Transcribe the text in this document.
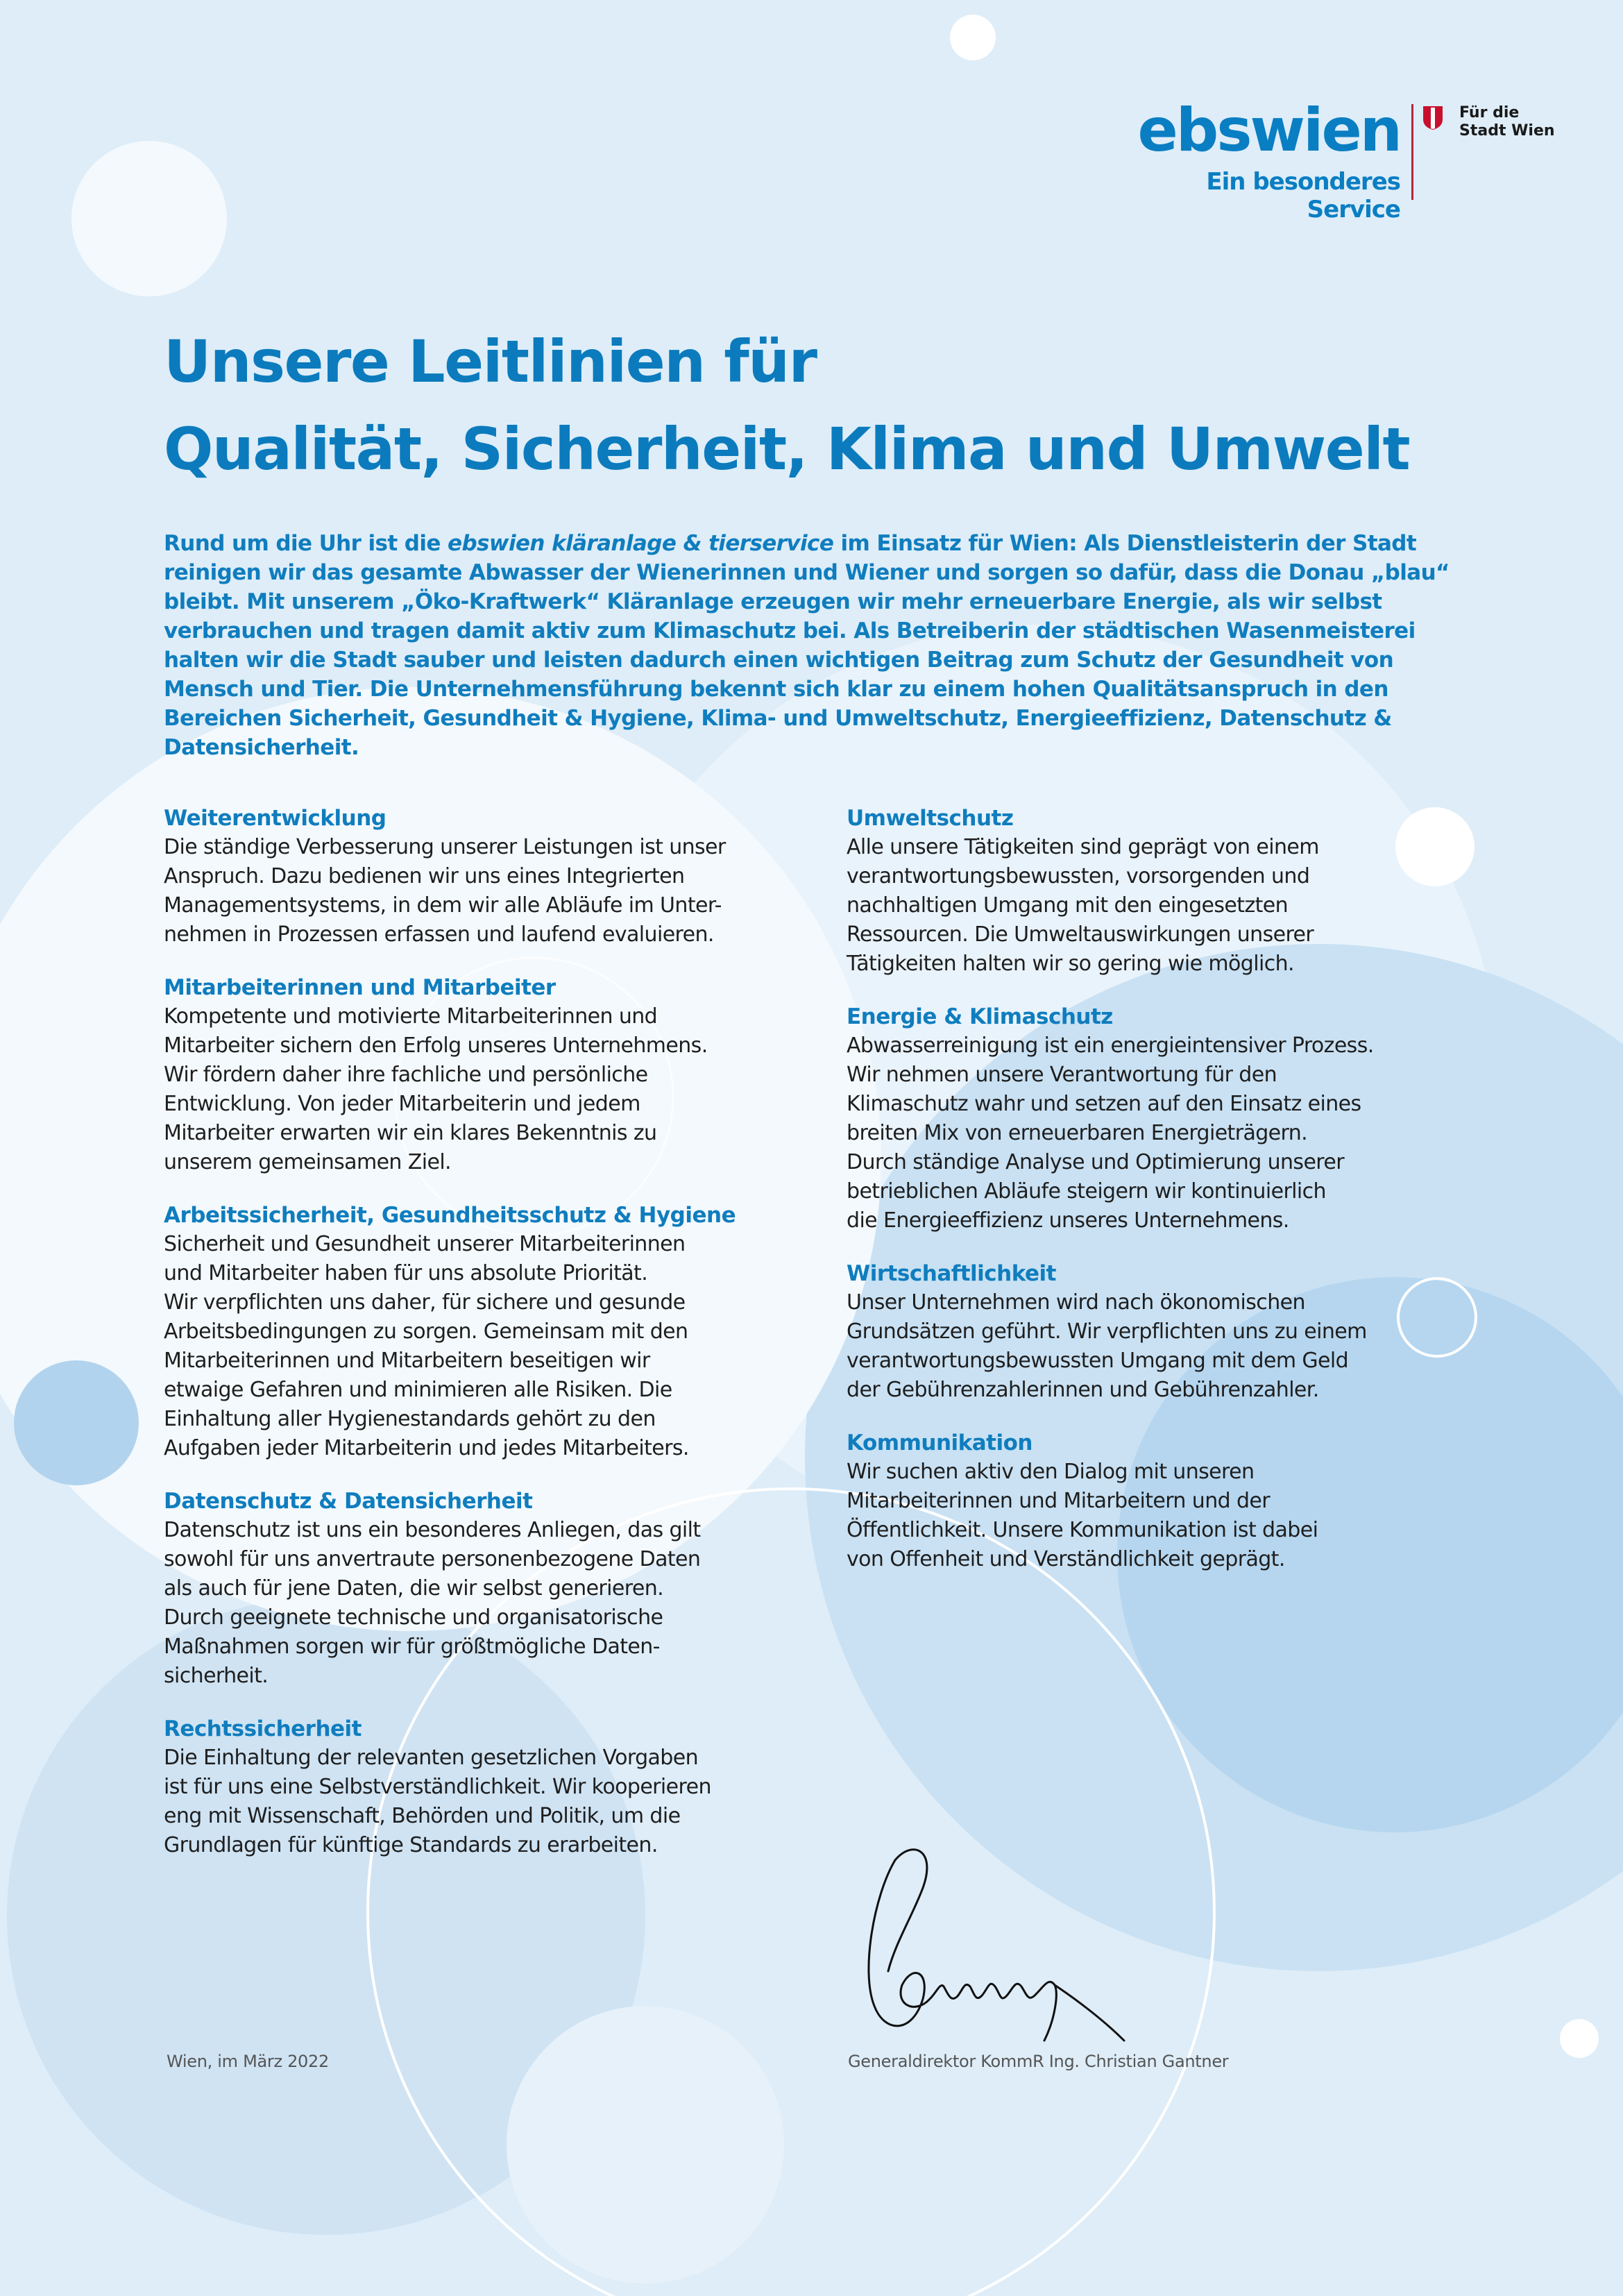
ebswien
Ein besonderes Service
Für die
Stadt Wien
Unsere Leitlinien für
Qualität, Sicherheit, Klima und Umwelt

Rund um die Uhr ist die ebswien kläranlage & tierservice im Einsatz für Wien: Als Dienstleisterin der Stadt reinigen wir das gesamte Abwasser der Wienerinnen und Wiener und sorgen so dafür, dass die Donau „blau“ bleibt. Mit unserem „Öko-Kraftwerk“ Kläranlage erzeugen wir mehr erneuerbare Energie, als wir selbst verbrauchen und tragen damit aktiv zum Klimaschutz bei. Als Betreiberin der städtischen Wasenmeisterei halten wir die Stadt sauber und leisten dadurch einen wichtigen Beitrag zum Schutz der Gesundheit von Mensch und Tier. Die Unternehmensführung bekennt sich klar zu einem hohen Qualitätsanspruch in den Bereichen Sicherheit, Gesundheit & Hygiene, Klima- und Umweltschutz, Energieeffizienz, Datenschutz & Datensicherheit.

Weiterentwicklung
Die ständige Verbesserung unserer Leistungen ist unser
Anspruch. Dazu bedienen wir uns eines Integrierten
Managementsystems, in dem wir alle Abläufe im Unter-
nehmen in Prozessen erfassen und laufend evaluieren.
Mitarbeiterinnen und Mitarbeiter
Kompetente und motivierte Mitarbeiterinnen und
Mitarbeiter sichern den Erfolg unseres Unternehmens.
Wir fördern daher ihre fachliche und persönliche
Entwicklung. Von jeder Mitarbeiterin und jedem
Mitarbeiter erwarten wir ein klares Bekenntnis zu
unserem gemeinsamen Ziel.
Arbeitssicherheit, Gesundheitsschutz & Hygiene
Sicherheit und Gesundheit unserer Mitarbeiterinnen
und Mitarbeiter haben für uns absolute Priorität.
Wir verpflichten uns daher, für sichere und gesunde
Arbeitsbedingungen zu sorgen. Gemeinsam mit den
Mitarbeiterinnen und Mitarbeitern beseitigen wir
etwaige Gefahren und minimieren alle Risiken. Die
Einhaltung aller Hygienestandards gehört zu den
Aufgaben jeder Mitarbeiterin und jedes Mitarbeiters.
Datenschutz & Datensicherheit
Datenschutz ist uns ein besonderes Anliegen, das gilt
sowohl für uns anvertraute personenbezogene Daten
als auch für jene Daten, die wir selbst generieren.
Durch geeignete technische und organisatorische
Maßnahmen sorgen wir für größtmögliche Daten-
sicherheit.
Rechtssicherheit
Die Einhaltung der relevanten gesetzlichen Vorgaben
ist für uns eine Selbstverständlichkeit. Wir kooperieren
eng mit Wissenschaft, Behörden und Politik, um die
Grundlagen für künftige Standards zu erarbeiten.
Umweltschutz
Alle unsere Tätigkeiten sind geprägt von einem
verantwortungsbewussten, vorsorgenden und
nachhaltigen Umgang mit den eingesetzten
Ressourcen. Die Umweltauswirkungen unserer
Tätigkeiten halten wir so gering wie möglich.
Energie & Klimaschutz
Abwasserreinigung ist ein energieintensiver Prozess.
Wir nehmen unsere Verantwortung für den
Klimaschutz wahr und setzen auf den Einsatz eines
breiten Mix von erneuerbaren Energieträgern.
Durch ständige Analyse und Optimierung unserer
betrieblichen Abläufe steigern wir kontinuierlich
die Energieeffizienz unseres Unternehmens.
Wirtschaftlichkeit
Unser Unternehmen wird nach ökonomischen
Grundsätzen geführt. Wir verpflichten uns zu einem
verantwortungsbewussten Umgang mit dem Geld
der Gebührenzahlerinnen und Gebührenzahler.
Kommunikation
Wir suchen aktiv den Dialog mit unseren
Mitarbeiterinnen und Mitarbeitern und der
Öffentlichkeit. Unsere Kommunikation ist dabei
von Offenheit und Verständlichkeit geprägt.
Wien, im März 2022	Generaldirektor KommR Ing. Christian Gantner
